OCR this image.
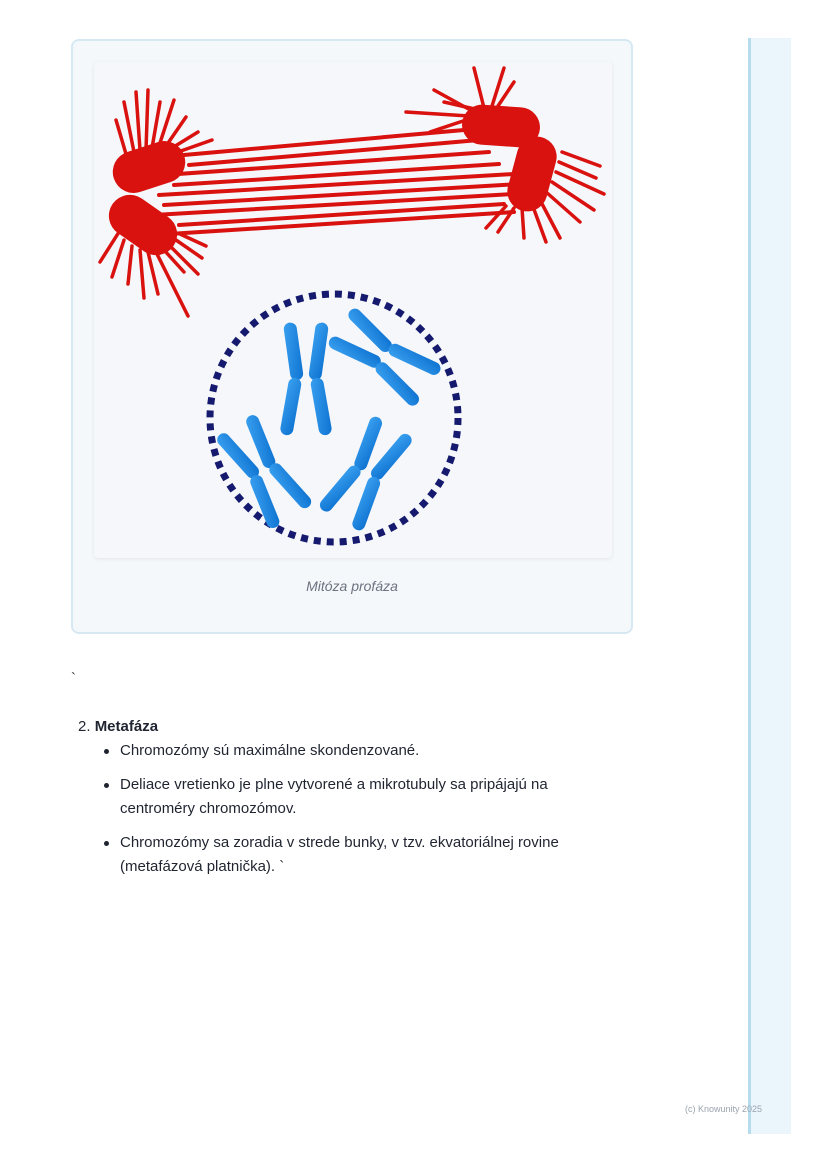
Mitóza profáza
`
2. Metafáza
Chromozómy sú maximálne skondenzované.
Deliace vretienko je plne vytvorené a mikrotubuly sa pripájajú na centroméry chromozómov.
Chromozómy sa zoradia v strede bunky, v tzv. ekvatoriálnej rovine (metafázová platnička). `
(c) Knowunity 2025
